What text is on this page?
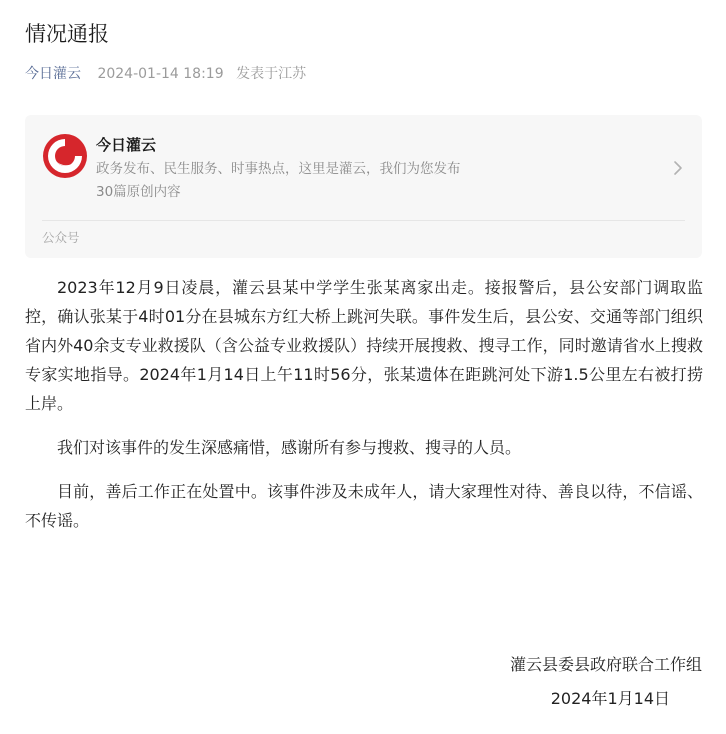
情况通报
今日灌云 2024-01-14 18:19 发表于江苏
今日灌云
政务发布、民生服务、时事热点，这里是灌云，我们为您发布
30篇原创内容
公众号

2023年12月9日凌晨，灌云县某中学学生张某离家出走。接报警后，县公安部门调取监控，确认张某于4时01分在县城东方红大桥上跳河失联。事件发生后，县公安、交通等部门组织省内外40余支专业救援队（含公益专业救援队）持续开展搜救、搜寻工作，同时邀请省水上搜救专家实地指导。2024年1月14日上午11时56分，张某遗体在距跳河处下游1.5公里左右被打捞上岸。

我们对该事件的发生深感痛惜，感谢所有参与搜救、搜寻的人员。

目前，善后工作正在处置中。该事件涉及未成年人，请大家理性对待、善良以待，不信谣、不传谣。

灌云县委县政府联合工作组
2024年1月14日
